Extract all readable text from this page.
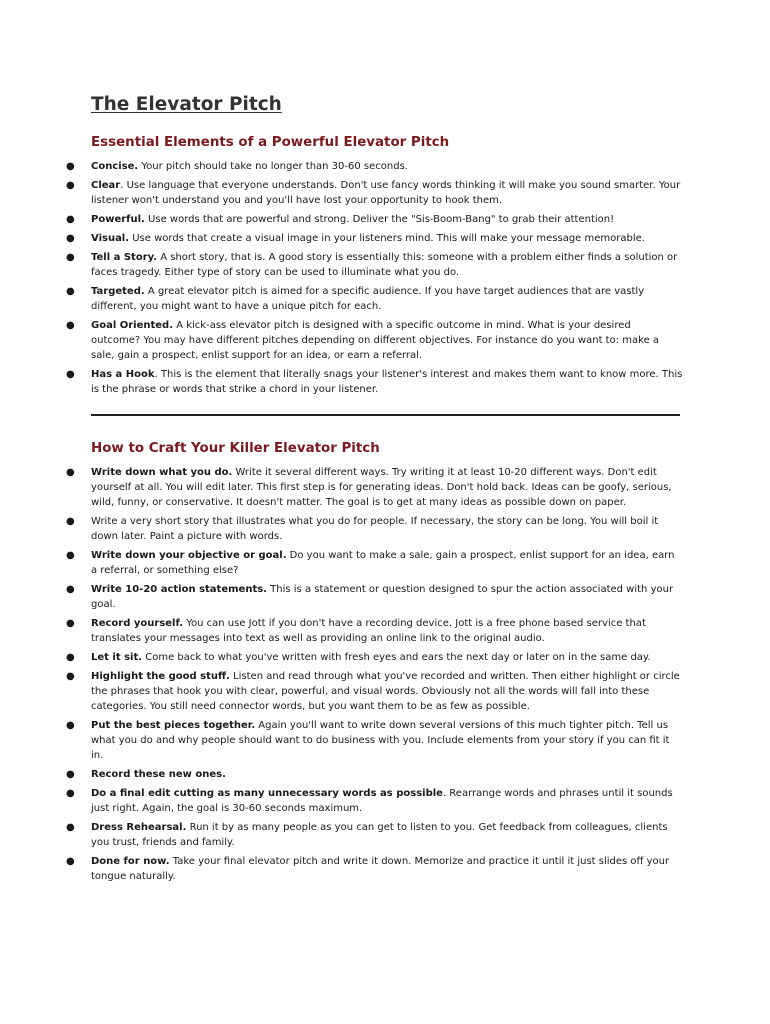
The Elevator Pitch
Essential Elements of a Powerful Elevator Pitch
● Concise. Your pitch should take no longer than 30-60 seconds.
● Clear. Use language that everyone understands. Don't use fancy words thinking it will make you sound smarter. Your listener won't understand you and you'll have lost your opportunity to hook them.
● Powerful. Use words that are powerful and strong. Deliver the "Sis-Boom-Bang" to grab their attention!
● Visual. Use words that create a visual image in your listeners mind. This will make your message memorable.
● Tell a Story. A short story, that is. A good story is essentially this: someone with a problem either finds a solution or faces tragedy. Either type of story can be used to illuminate what you do.
● Targeted. A great elevator pitch is aimed for a specific audience. If you have target audiences that are vastly different, you might want to have a unique pitch for each.
● Goal Oriented. A kick-ass elevator pitch is designed with a specific outcome in mind. What is your desired outcome? You may have different pitches depending on different objectives. For instance do you want to: make a sale, gain a prospect, enlist support for an idea, or earn a referral.
● Has a Hook. This is the element that literally snags your listener's interest and makes them want to know more. This is the phrase or words that strike a chord in your listener.
How to Craft Your Killer Elevator Pitch
● Write down what you do. Write it several different ways. Try writing it at least 10-20 different ways. Don't edit yourself at all. You will edit later. This first step is for generating ideas. Don't hold back. Ideas can be goofy, serious, wild, funny, or conservative. It doesn't matter. The goal is to get at many ideas as possible down on paper.
● Write a very short story that illustrates what you do for people. If necessary, the story can be long. You will boil it down later. Paint a picture with words.
● Write down your objective or goal. Do you want to make a sale, gain a prospect, enlist support for an idea, earn a referral, or something else?
● Write 10-20 action statements. This is a statement or question designed to spur the action associated with your goal.
● Record yourself. You can use Jott if you don't have a recording device. Jott is a free phone based service that translates your messages into text as well as providing an online link to the original audio.
● Let it sit. Come back to what you've written with fresh eyes and ears the next day or later on in the same day.
● Highlight the good stuff. Listen and read through what you've recorded and written. Then either highlight or circle the phrases that hook you with clear, powerful, and visual words. Obviously not all the words will fall into these categories. You still need connector words, but you want them to be as few as possible.
● Put the best pieces together. Again you'll want to write down several versions of this much tighter pitch. Tell us what you do and why people should want to do business with you. Include elements from your story if you can fit it in.
● Record these new ones.
● Do a final edit cutting as many unnecessary words as possible. Rearrange words and phrases until it sounds just right. Again, the goal is 30-60 seconds maximum.
● Dress Rehearsal. Run it by as many people as you can get to listen to you. Get feedback from colleagues, clients you trust, friends and family.
● Done for now. Take your final elevator pitch and write it down. Memorize and practice it until it just slides off your tongue naturally.
